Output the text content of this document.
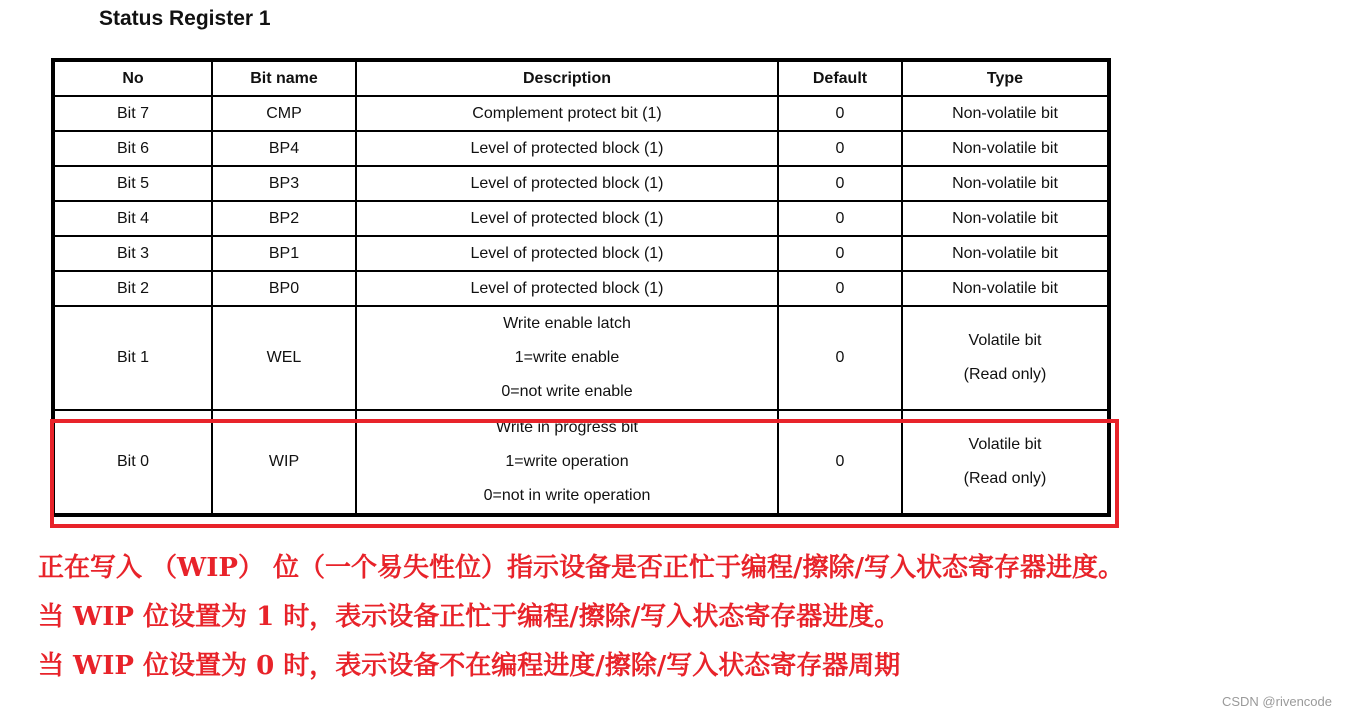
Status Register 1
No	Bit name	Description	Default	Type
Bit 7	CMP	Complement protect bit (1)	0	Non-volatile bit
Bit 6	BP4	Level of protected block (1)	0	Non-volatile bit
Bit 5	BP3	Level of protected block (1)	0	Non-volatile bit
Bit 4	BP2	Level of protected block (1)	0	Non-volatile bit
Bit 3	BP1	Level of protected block (1)	0	Non-volatile bit
Bit 2	BP0	Level of protected block (1)	0	Non-volatile bit
Bit 1	WEL	Write enable latch
1=write enable
0=not write enable	0	Volatile bit
(Read only)

Bit 0	WIP	Write in progress bit
1=write operation
0=not in write operation	0	Volatile bit
(Read only)
正在写入 （WIP） 位（一个易失性位）指示设备是否正忙于编程/擦除/写入状态寄存器进度。
当 WIP 位设置为 1 时，表示设备正忙于编程/擦除/写入状态寄存器进度。
当 WIP 位设置为 0 时，表示设备不在编程进度/擦除/写入状态寄存器周期
CSDN @rivencode
